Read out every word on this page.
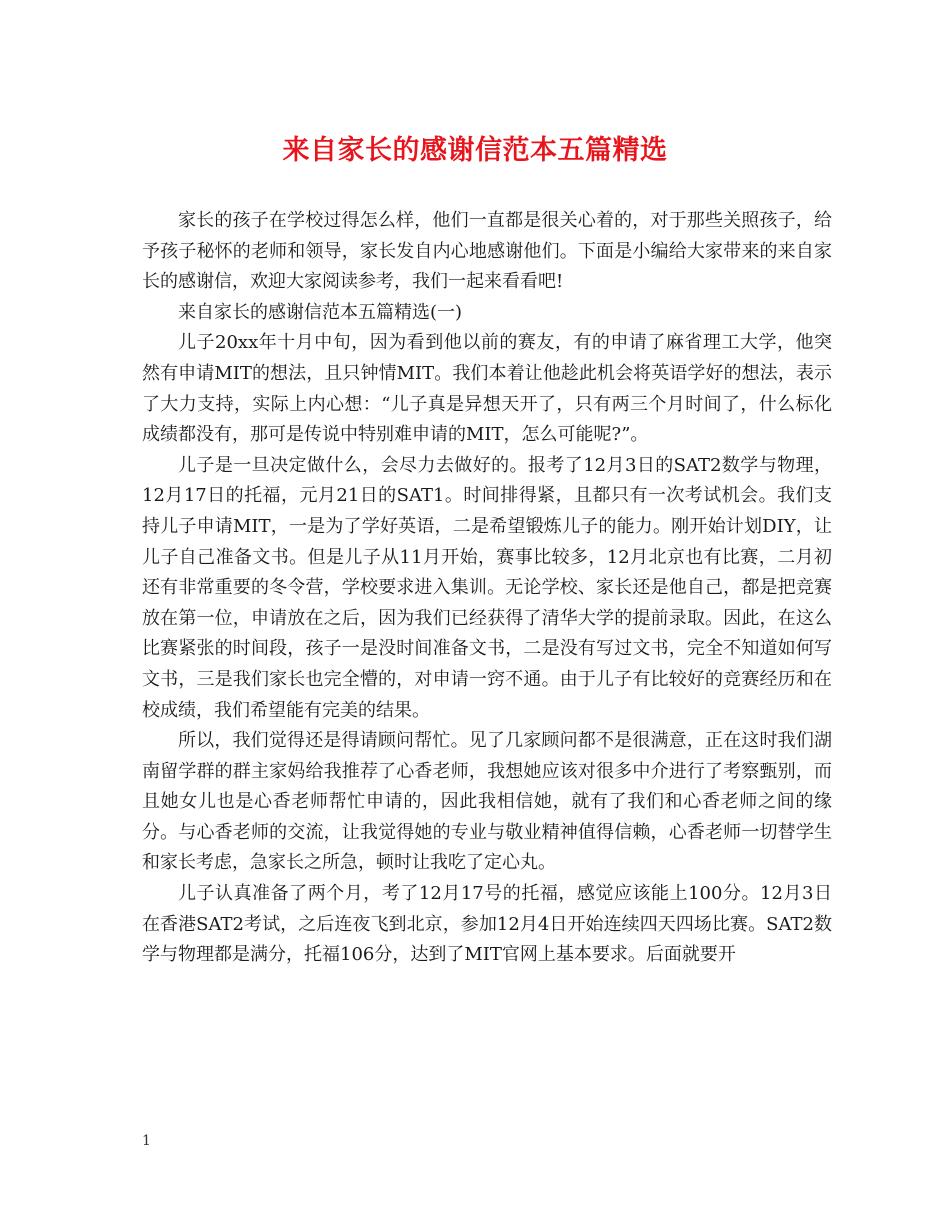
来自家长的感谢信范本五篇精选

家长的孩子在学校过得怎么样，他们一直都是很关心着的，对于那些关照孩子，给予孩子秘怀的老师和领导，家长发自内心地感谢他们。下面是小编给大家带来的来自家长的感谢信，欢迎大家阅读参考，我们一起来看看吧!

来自家长的感谢信范本五篇精选(一)

儿子20xx年十月中旬，因为看到他以前的赛友，有的申请了麻省理工大学，他突然有申请MIT的想法，且只钟情MIT。我们本着让他趁此机会将英语学好的想法，表示了大力支持，实际上内心想：“儿子真是异想天开了，只有两三个月时间了，什么标化成绩都没有，那可是传说中特别难申请的MIT，怎么可能呢?”。

儿子是一旦决定做什么，会尽力去做好的。报考了12月3日的SAT2数学与物理，12月17日的托福，元月21日的SAT1。时间排得紧，且都只有一次考试机会。我们支持儿子申请MIT，一是为了学好英语，二是希望锻炼儿子的能力。刚开始计划DIY，让儿子自己准备文书。但是儿子从11月开始，赛事比较多，12月北京也有比赛，二月初还有非常重要的冬令营，学校要求进入集训。无论学校、家长还是他自己，都是把竞赛放在第一位，申请放在之后，因为我们已经获得了清华大学的提前录取。因此，在这么比赛紧张的时间段，孩子一是没时间准备文书，二是没有写过文书，完全不知道如何写文书，三是我们家长也完全懵的，对申请一窍不通。由于儿子有比较好的竞赛经历和在校成绩，我们希望能有完美的结果。

所以，我们觉得还是得请顾问帮忙。见了几家顾问都不是很满意，正在这时我们湖南留学群的群主家妈给我推荐了心香老师，我想她应该对很多中介进行了考察甄别，而且她女儿也是心香老师帮忙申请的，因此我相信她，就有了我们和心香老师之间的缘分。与心香老师的交流，让我觉得她的专业与敬业精神值得信赖，心香老师一切替学生和家长考虑，急家长之所急，顿时让我吃了定心丸。

儿子认真准备了两个月，考了12月17号的托福，感觉应该能上100分。12月3日在香港SAT2考试，之后连夜飞到北京，参加12月4日开始连续四天四场比赛。SAT2数学与物理都是满分，托福106分，达到了MIT官网上基本要求。后面就要开

1
